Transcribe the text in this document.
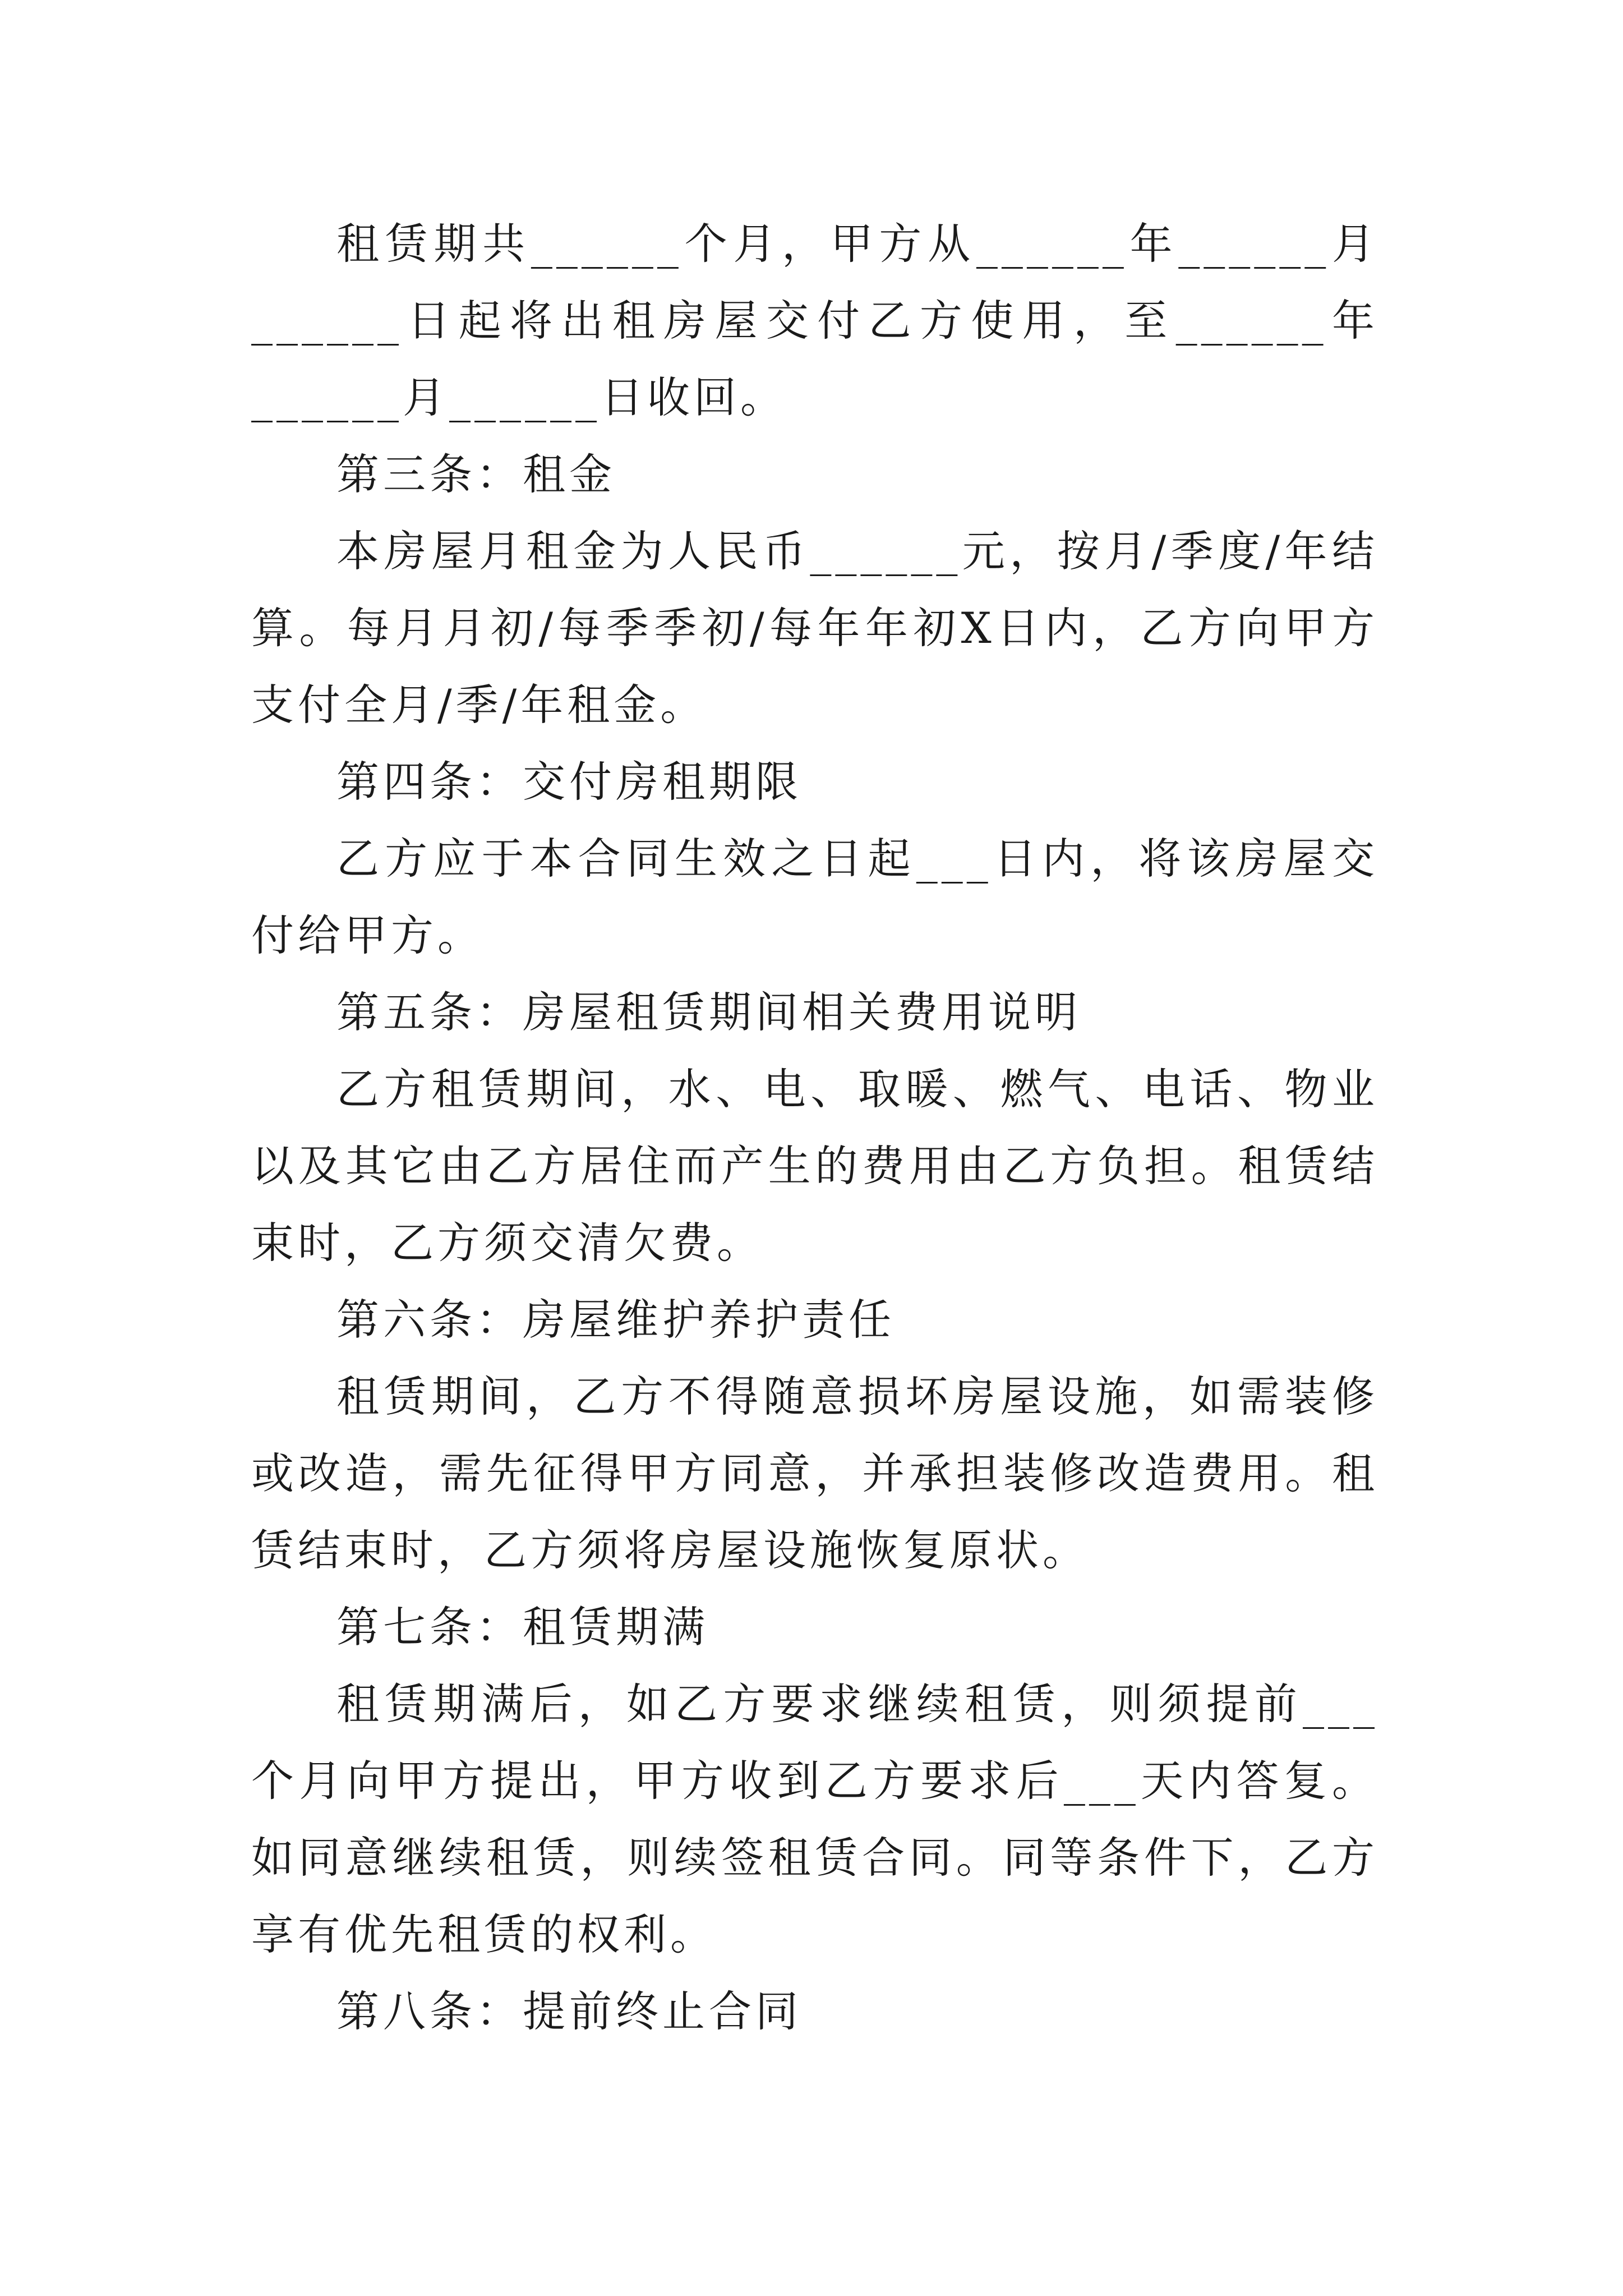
租赁期共______个月，甲方从______年______月______日起将出租房屋交付乙方使用，至______年______月______日收回。

第三条：租金

本房屋月租金为人民币______元，按月/季度/年结算。每月月初/每季季初/每年年初X日内，乙方向甲方支付全月/季/年租金。

第四条：交付房租期限

乙方应于本合同生效之日起___日内，将该房屋交付给甲方。

第五条：房屋租赁期间相关费用说明

乙方租赁期间，水、电、取暖、燃气、电话、物业以及其它由乙方居住而产生的费用由乙方负担。租赁结束时，乙方须交清欠费。

第六条：房屋维护养护责任

租赁期间，乙方不得随意损坏房屋设施，如需装修或改造，需先征得甲方同意，并承担装修改造费用。租赁结束时，乙方须将房屋设施恢复原状。

第七条：租赁期满

租赁期满后，如乙方要求继续租赁，则须提前___个月向甲方提出，甲方收到乙方要求后___天内答复。如同意继续租赁，则续签租赁合同。同等条件下，乙方享有优先租赁的权利。

第八条：提前终止合同
